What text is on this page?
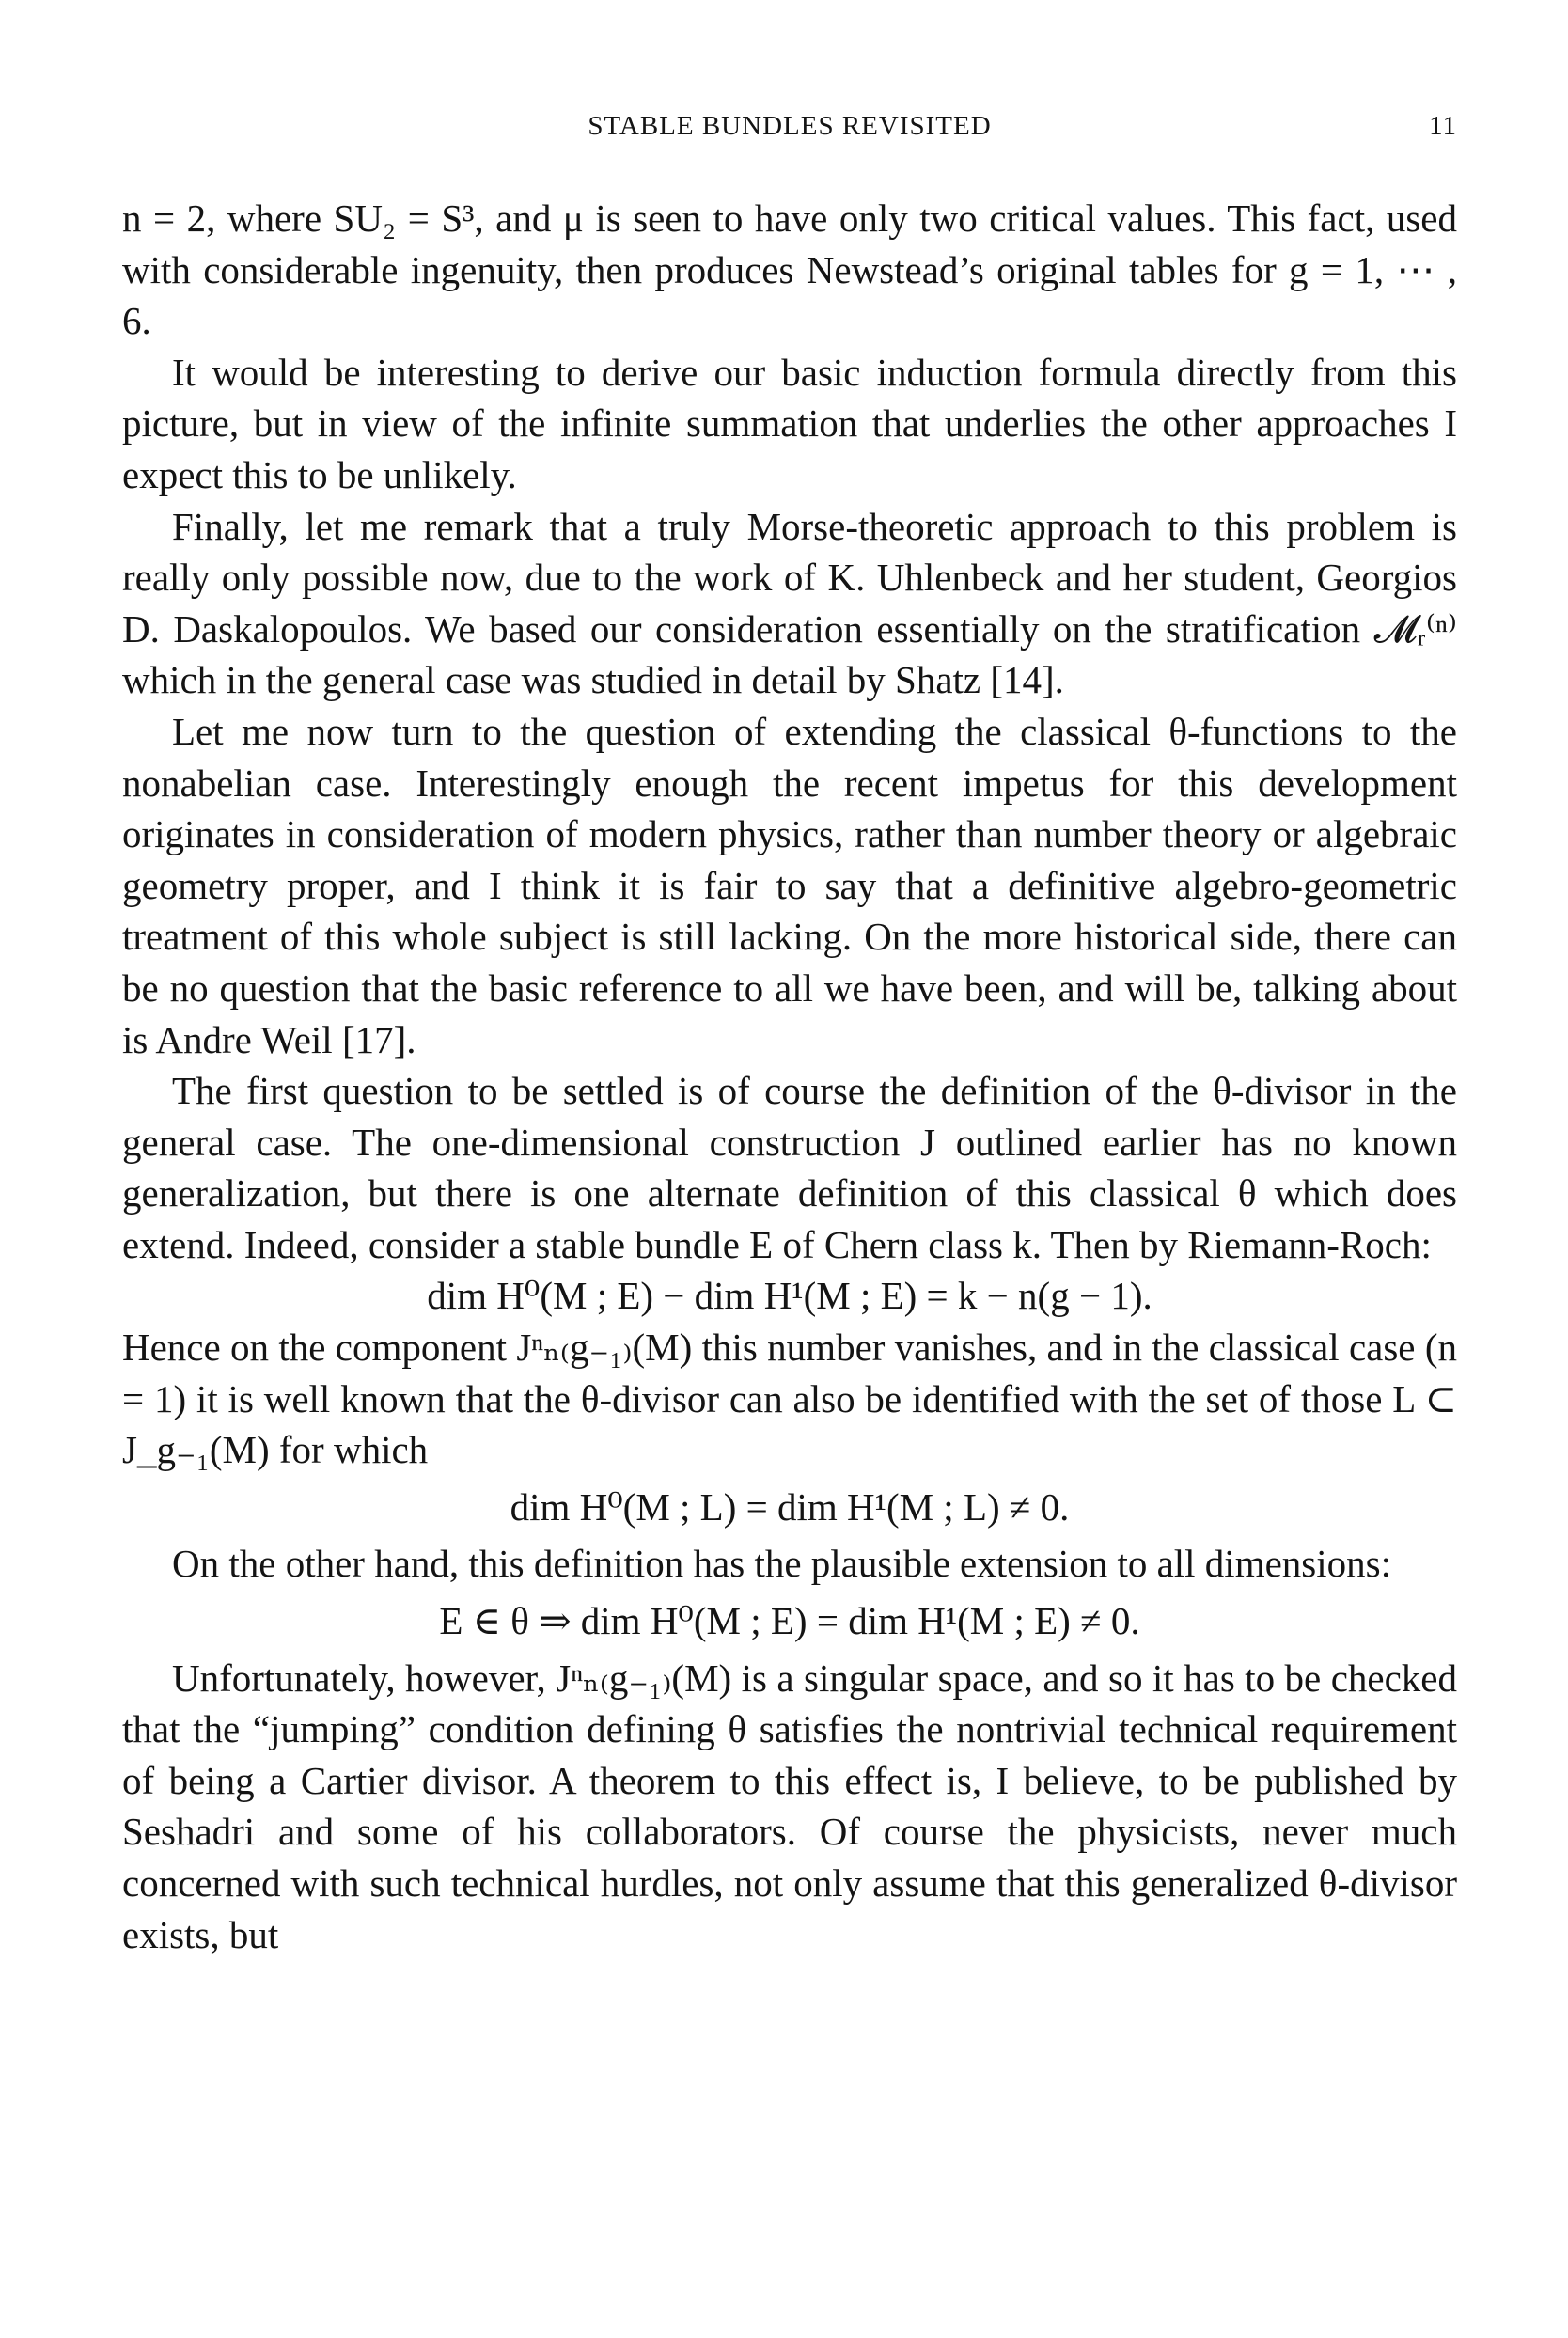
STABLE BUNDLES REVISITED	11

n = 2, where SU₂ = S³, and μ is seen to have only two critical values. This fact, used with considerable ingenuity, then produces Newstead’s original tables for g = 1, ⋯ , 6.

It would be interesting to derive our basic induction formula directly from this picture, but in view of the infinite summation that underlies the other approaches I expect this to be unlikely.

Finally, let me remark that a truly Morse-theoretic approach to this problem is really only possible now, due to the work of K. Uhlenbeck and her student, Georgios D. Daskalopoulos. We based our consideration essentially on the stratification 𝓜ᵣ⁽ⁿ⁾ which in the general case was studied in detail by Shatz [14].

Let me now turn to the question of extending the classical θ-functions to the nonabelian case. Interestingly enough the recent impetus for this development originates in consideration of modern physics, rather than number theory or algebraic geometry proper, and I think it is fair to say that a definitive algebro-geometric treatment of this whole subject is still lacking. On the more historical side, there can be no question that the basic reference to all we have been, and will be, talking about is Andre Weil [17].

The first question to be settled is of course the definition of the θ-divisor in the general case. The one-dimensional construction J outlined earlier has no known generalization, but there is one alternate definition of this classical θ which does extend. Indeed, consider a stable bundle E of Chern class k. Then by Riemann-Roch:

dim H⁰(M ; E) − dim H¹(M ; E) = k − n(g − 1).

Hence on the component Jⁿₙ₍g₋₁₎(M) this number vanishes, and in the classical case (n = 1) it is well known that the θ-divisor can also be identified with the set of those L ⊂ J_g₋₁(M) for which

dim H⁰(M ; L) = dim H¹(M ; L) ≠ 0.

On the other hand, this definition has the plausible extension to all dimensions:

E ∈ θ ⇒ dim H⁰(M ; E) = dim H¹(M ; E) ≠ 0.

Unfortunately, however, Jⁿₙ₍g₋₁₎(M) is a singular space, and so it has to be checked that the “jumping” condition defining θ satisfies the nontrivial technical requirement of being a Cartier divisor. A theorem to this effect is, I believe, to be published by Seshadri and some of his collaborators. Of course the physicists, never much concerned with such technical hurdles, not only assume that this generalized θ-divisor exists, but
